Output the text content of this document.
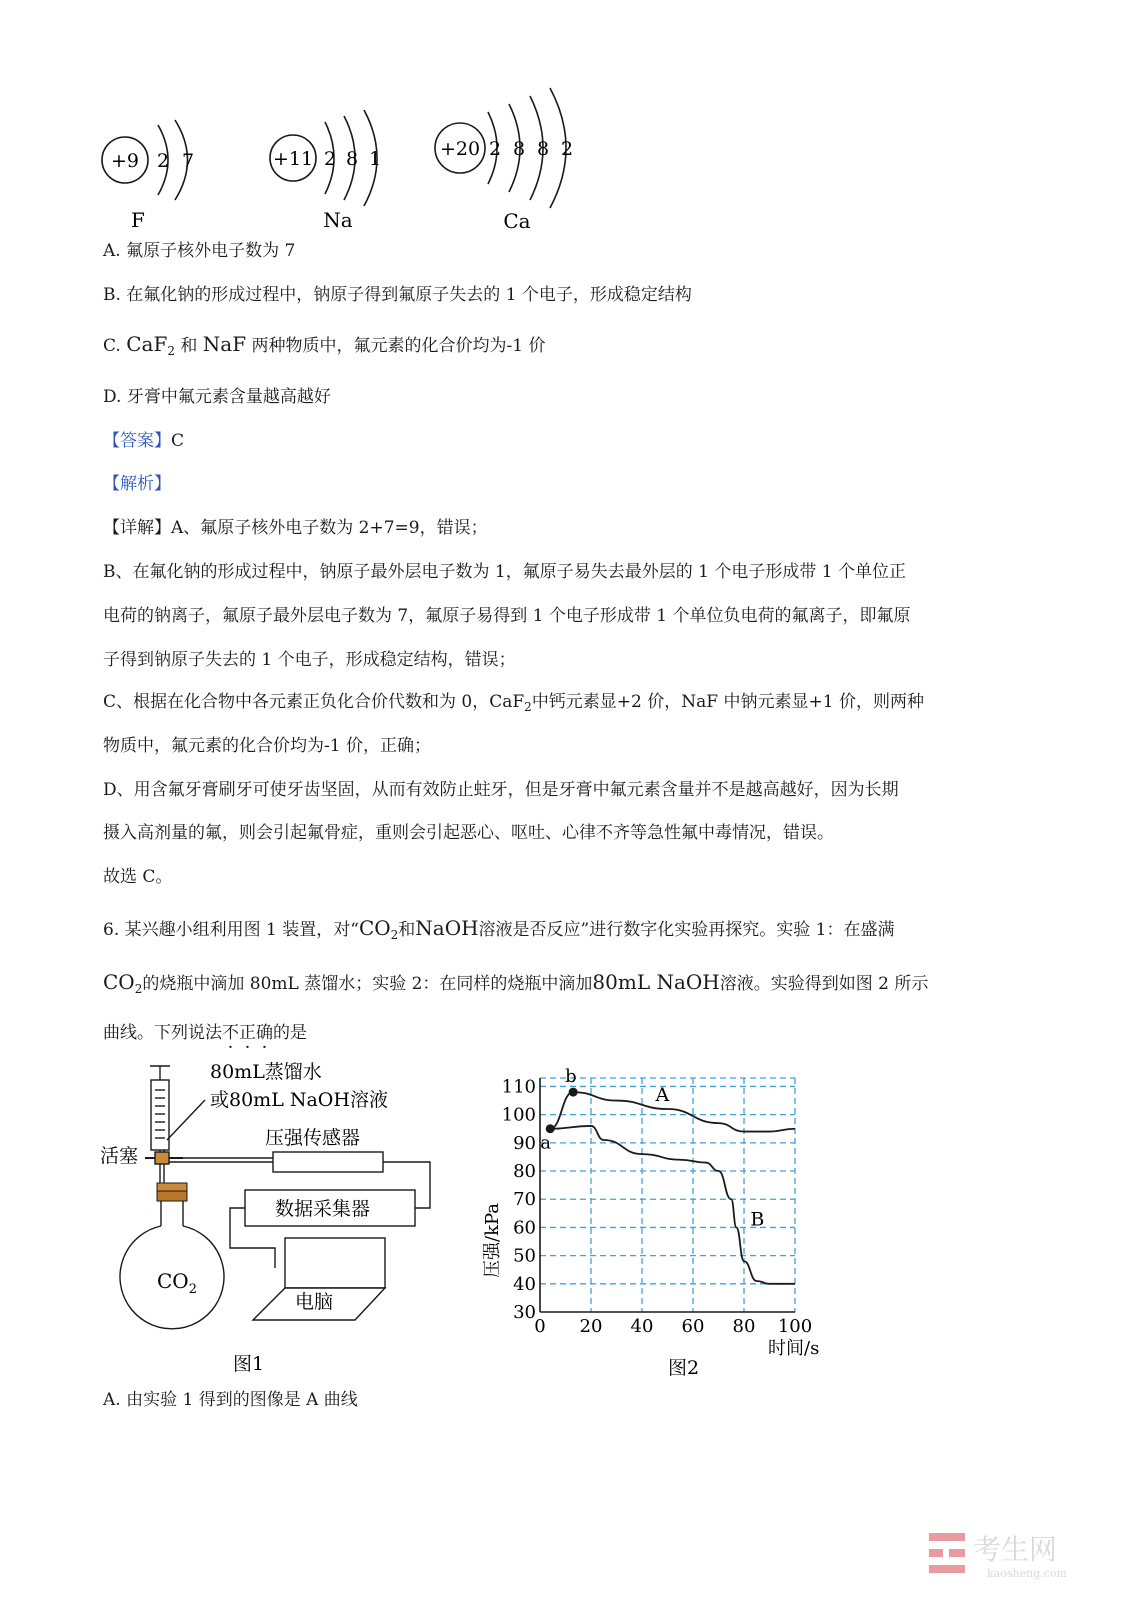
+9 2 7
F
+11 2 8 1
Na
+20 2 8 8 2
Ca
A. 氟原子核外电子数为 7
B. 在氟化钠的形成过程中，钠原子得到氟原子失去的 1 个电子，形成稳定结构
C. CaF$_2$ 和 NaF 两种物质中，氟元素的化合价均为-1 价
D. 牙膏中氟元素含量越高越好
【答案】C
【解析】
【详解】A、氟原子核外电子数为 2+7=9，错误；
B、在氟化钠的形成过程中，钠原子最外层电子数为 1，氟原子易失去最外层的 1 个电子形成带 1 个单位正
电荷的钠离子，氟原子最外层电子数为 7，氟原子易得到 1 个电子形成带 1 个单位负电荷的氟离子，即氟原
子得到钠原子失去的 1 个电子，形成稳定结构，错误；
C、根据在化合物中各元素正负化合价代数和为 0，CaF$_2$中钙元素显+2 价，NaF 中钠元素显+1 价，则两种
物质中，氟元素的化合价均为-1 价，正确；
D、用含氟牙膏刷牙可使牙齿坚固，从而有效防止蛀牙，但是牙膏中氟元素含量并不是越高越好，因为长期
摄入高剂量的氟，则会引起氟骨症，重则会引起恶心、呕吐、心律不齐等急性氟中毒情况，错误。
故选 C。
6. 某兴趣小组利用图 1 装置，对“$CO_2$和NaOH溶液是否反应”进行数字化实验再探究。实验 1：在盛满
$CO_2$的烧瓶中滴加 80mL 蒸馏水；实验 2：在同样的烧瓶中滴加80mL NaOH溶液。实验得到如图 2 所示
曲线。下列说法不正确的是
$CO_2$
压强传感器
数据采集器
电脑
80mL蒸馏水
或80mL NaOH溶液
活塞
图1
30
40
50
60
70
80
90
100
110
0 20 40 60 80 100
A
B
a
b
压强/kPa
时间/s
图2
A. 由实验 1 得到的图像是 A 曲线
考生网
kaosheng.com
